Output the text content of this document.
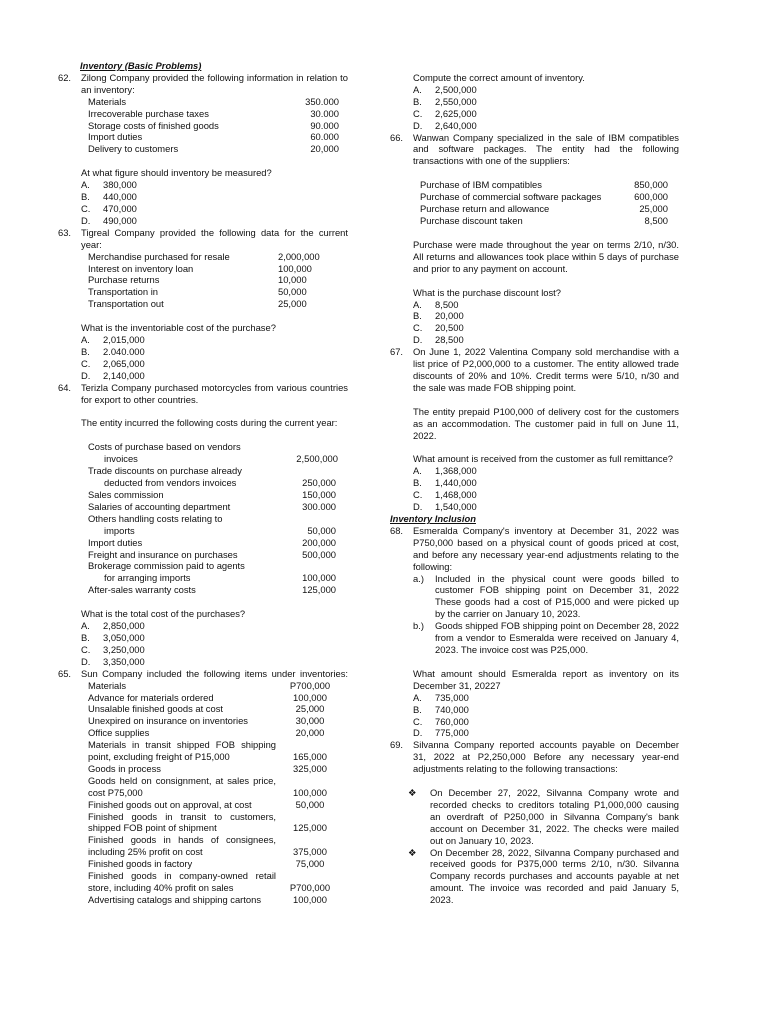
Inventory (Basic Problems)
62. Zilong Company provided the following information in relation to an inventory:
Materials	350.000
Irrecoverable purchase taxes	30.000
Storage costs of finished goods	90.000
Import duties	60.000
Delivery to customers	20,000
At what figure should inventory be measured?
A. 380,000
B. 440,000
C. 470,000
D. 490,000
63. Tigreal Company provided the following data for the current year:
Merchandise purchased for resale	2,000,000
Interest on inventory loan	100,000
Purchase returns	10,000
Transportation in	50,000
Transportation out	25,000
What is the inventoriable cost of the purchase?
A. 2,015,000
B. 2.040.000
C. 2,065,000
D. 2,140,000
64. Terizla Company purchased motorcycles from various countries for export to other countries.
The entity incurred the following costs during the current year:
Costs of purchase based on vendors
invoices	2,500,000
Trade discounts on purchase already
deducted from vendors invoices	250,000
Sales commission	150,000
Salaries of accounting department	300.000
Others handling costs relating to
imports	50,000
Import duties	200,000
Freight and insurance on purchases	500,000
Brokerage commission paid to agents
for arranging imports	100,000
After-sales warranty costs	125,000
What is the total cost of the purchases?
A. 2,850,000
B. 3,050,000
C. 3,250,000
D. 3,350,000
65. Sun Company included the following items under inventories:
Materials	P700,000
Advance for materials ordered	100,000
Unsalable finished goods at cost	25,000
Unexpired on insurance on inventories	30,000
Office supplies	20,000
Materials in transit shipped FOB shipping point, excluding freight of P15,000	165,000
Goods in process	325,000
Goods held on consignment, at sales price, cost P75,000	100,000
Finished goods out on approval, at cost	50,000
Finished goods in transit to customers, shipped FOB point of shipment	125,000
Finished goods in hands of consignees, including 25% profit on cost	375,000
Finished goods in factory	75,000
Finished goods in company-owned retail store, including 40% profit on sales	P700,000
Advertising catalogs and shipping cartons	100,000
Compute the correct amount of inventory.
A. 2,500,000
B. 2,550,000
C. 2,625,000
D. 2,640,000
66. Wanwan Company specialized in the sale of IBM compatibles and software packages. The entity had the following transactions with one of the suppliers:
Purchase of IBM compatibles	850,000
Purchase of commercial software packages	600,000
Purchase return and allowance	25,000
Purchase discount taken	8,500
Purchase were made throughout the year on terms 2/10, n/30. All returns and allowances took place within 5 days of purchase and prior to any payment on account.
What is the purchase discount lost?
A. 8,500
B. 20,000
C. 20,500
D. 28,500
67. On June 1, 2022 Valentina Company sold merchandise with a list price of P2,000,000 to a customer. The entity allowed trade discounts of 20% and 10%. Credit terms were 5/10, n/30 and the sale was made FOB shipping point.
The entity prepaid P100,000 of delivery cost for the customers as an accommodation. The customer paid in full on June 11, 2022.
What amount is received from the customer as full remittance?
A. 1,368,000
B. 1,440,000
C. 1,468,000
D. 1,540,000
Inventory Inclusion
68. Esmeralda Company's inventory at December 31, 2022 was P750,000 based on a physical count of goods priced at cost, and before any necessary year-end adjustments relating to the following:
a.) Included in the physical count were goods billed to customer FOB shipping point on December 31, 2022 These goods had a cost of P15,000 and were picked up by the carrier on January 10, 2023.
b.) Goods shipped FOB shipping point on December 28, 2022 from a vendor to Esmeralda were received on January 4, 2023. The invoice cost was P25,000.
What amount should Esmeralda report as inventory on its December 31, 20227
A. 735,000
B. 740,000
C. 760,000
D. 775,000
69. Silvanna Company reported accounts payable on December 31, 2022 at P2,250,000 Before any necessary year-end adjustments relating to the following transactions:
❖ On December 27, 2022, Silvanna Company wrote and recorded checks to creditors totaling P1,000,000 causing an overdraft of P250,000 in Silvanna Company's bank account on December 31, 2022. The checks were mailed out on January 10, 2023.
❖ On December 28, 2022, Silvanna Company purchased and received goods for P375,000 terms 2/10, n/30. Silvanna Company records purchases and accounts payable at net amount. The invoice was recorded and paid January 5, 2023.
